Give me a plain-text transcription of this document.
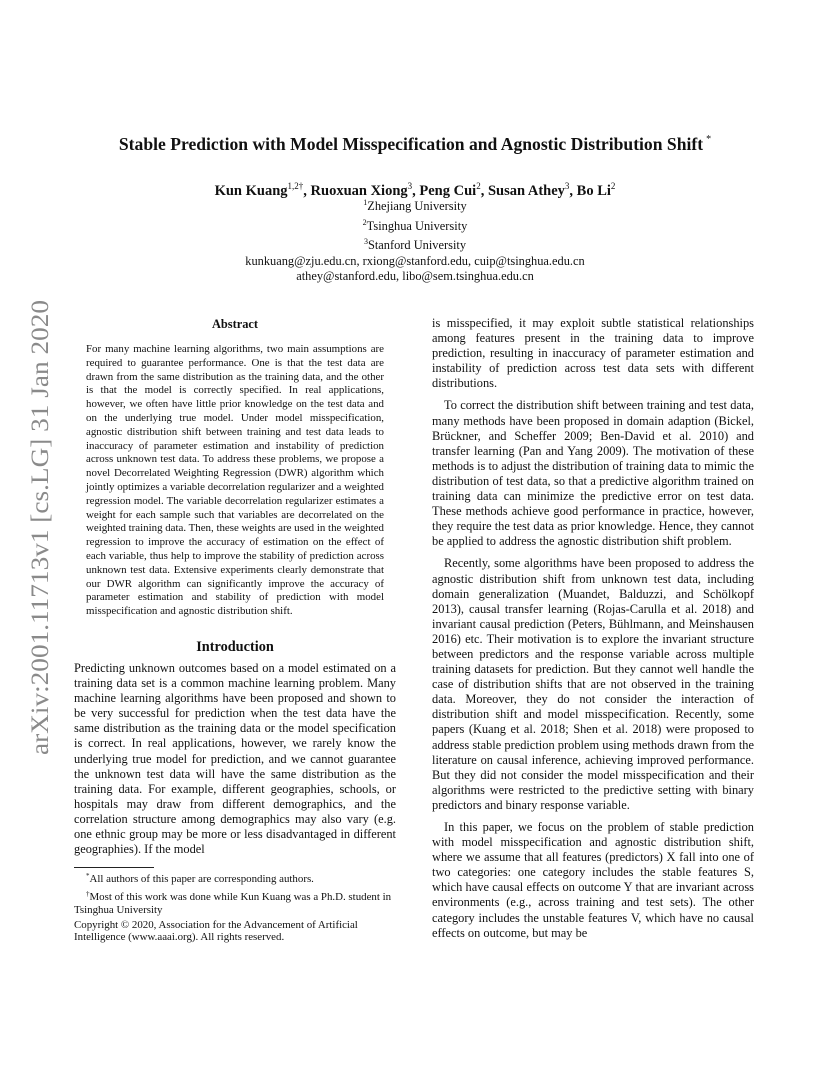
arXiv:2001.11713v1 [cs.LG] 31 Jan 2020
Stable Prediction with Model Misspecification and Agnostic Distribution Shift *
Kun Kuang$^{1,2\dagger}$, Ruoxuan Xiong$^3$, Peng Cui$^2$, Susan Athey$^3$, Bo Li$^2$
$^1$Zhejiang University
$^2$Tsinghua University
$^3$Stanford University
kunkuang@zju.edu.cn, rxiong@stanford.edu, cuip@tsinghua.edu.cn
athey@stanford.edu, libo@sem.tsinghua.edu.cn
Abstract

For many machine learning algorithms, two main assumptions are required to guarantee performance. One is that the test data are drawn from the same distribution as the training data, and the other is that the model is correctly specified. In real applications, however, we often have little prior knowledge on the test data and on the underlying true model. Under model misspecification, agnostic distribution shift between training and test data leads to inaccuracy of parameter estimation and instability of prediction across unknown test data. To address these problems, we propose a novel Decorrelated Weighting Regression (DWR) algorithm which jointly optimizes a variable decorrelation regularizer and a weighted regression model. The variable decorrelation regularizer estimates a weight for each sample such that variables are decorrelated on the weighted training data. Then, these weights are used in the weighted regression to improve the accuracy of estimation on the effect of each variable, thus help to improve the stability of prediction across unknown test data. Extensive experiments clearly demonstrate that our DWR algorithm can significantly improve the accuracy of parameter estimation and stability of prediction with model misspecification and agnostic distribution shift.

Introduction

Predicting unknown outcomes based on a model estimated on a training data set is a common machine learning problem. Many machine learning algorithms have been proposed and shown to be very successful for prediction when the test data have the same distribution as the training data or the model specification is correct. In real applications, however, we rarely know the underlying true model for prediction, and we cannot guarantee the unknown test data will have the same distribution as the training data. For example, different geographies, schools, or hospitals may draw from different demographics, and the correlation structure among demographics may also vary (e.g. one ethnic group may be more or less disadvantaged in different geographies). If the model

*All authors of this paper are corresponding authors.

†Most of this work was done while Kun Kuang was a Ph.D. student in Tsinghua University

Copyright © 2020, Association for the Advancement of Artificial Intelligence (www.aaai.org). All rights reserved.

is misspecified, it may exploit subtle statistical relationships among features present in the training data to improve prediction, resulting in inaccuracy of parameter estimation and instability of prediction across test data sets with different distributions.

To correct the distribution shift between training and test data, many methods have been proposed in domain adaption (Bickel, Brückner, and Scheffer 2009; Ben-David et al. 2010) and transfer learning (Pan and Yang 2009). The motivation of these methods is to adjust the distribution of training data to mimic the distribution of test data, so that a predictive algorithm trained on training data can minimize the predictive error on test data. These methods achieve good performance in practice, however, they require the test data as prior knowledge. Hence, they cannot be applied to address the agnostic distribution shift problem.

Recently, some algorithms have been proposed to address the agnostic distribution shift from unknown test data, including domain generalization (Muandet, Balduzzi, and Schölkopf 2013), causal transfer learning (Rojas-Carulla et al. 2018) and invariant causal prediction (Peters, Bühlmann, and Meinshausen 2016) etc. Their motivation is to explore the invariant structure between predictors and the response variable across multiple training datasets for prediction. But they cannot well handle the case of distribution shifts that are not observed in the training data. Moreover, they do not consider the interaction of distribution shift and model misspecification. Recently, some papers (Kuang et al. 2018; Shen et al. 2018) were proposed to address stable prediction problem using methods drawn from the literature on causal inference, achieving improved performance. But they did not consider the model misspecification and their algorithms were restricted to the predictive setting with binary predictors and binary response variable.

In this paper, we focus on the problem of stable prediction with model misspecification and agnostic distribution shift, where we assume that all features (predictors) X fall into one of two categories: one category includes the stable features S, which have causal effects on outcome Y that are invariant across environments (e.g., across training and test sets). The other category includes the unstable features V, which have no causal effects on outcome, but may be
